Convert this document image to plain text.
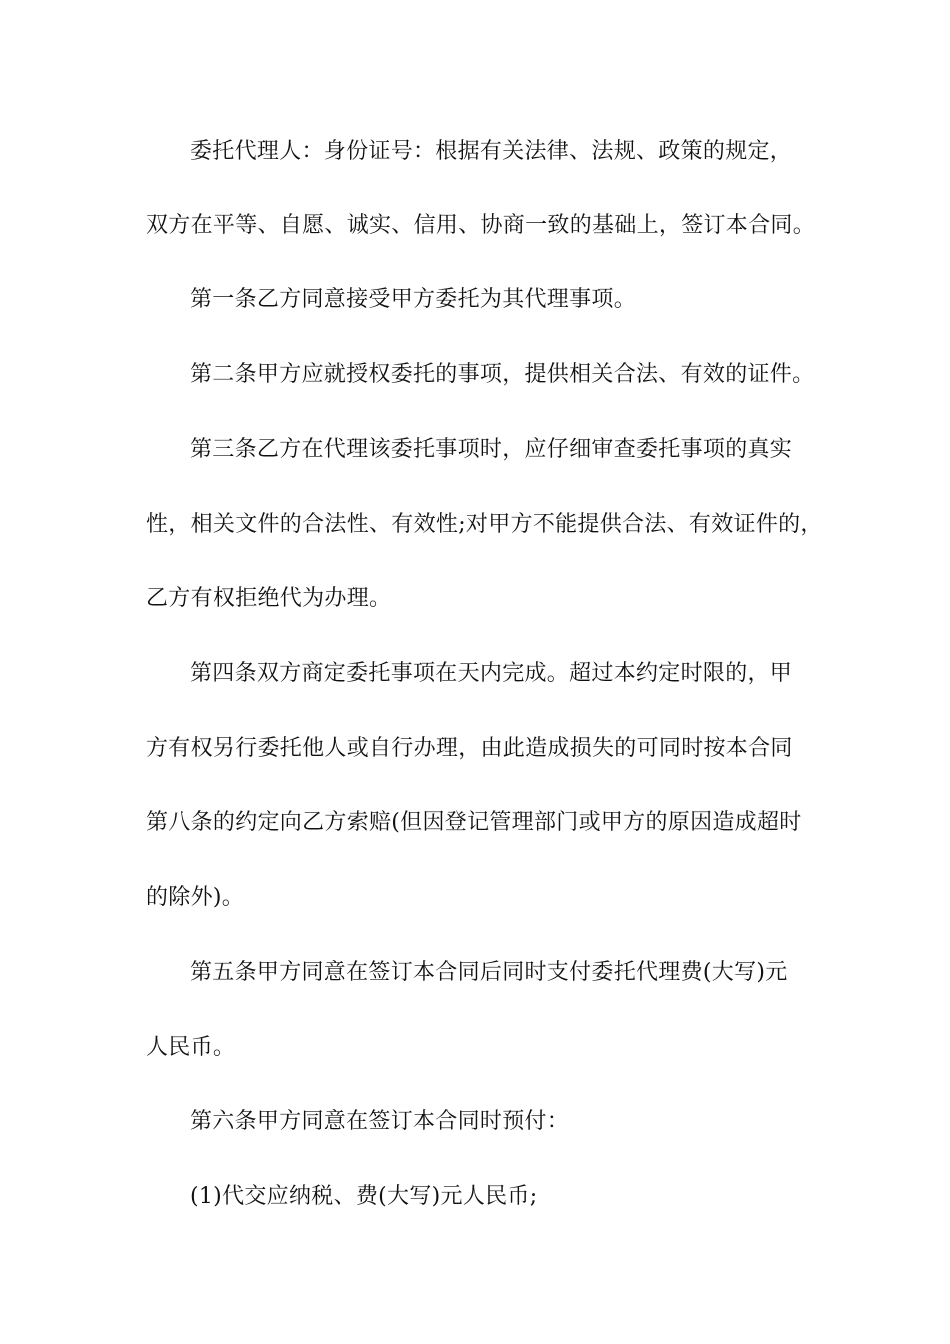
委托代理人：身份证号：根据有关法律、法规、政策的规定，
双方在平等、自愿、诚实、信用、协商一致的基础上，签订本合同。
第一条乙方同意接受甲方委托为其代理事项。
第二条甲方应就授权委托的事项，提供相关合法、有效的证件。
第三条乙方在代理该委托事项时，应仔细审查委托事项的真实
性，相关文件的合法性、有效性;对甲方不能提供合法、有效证件的，
乙方有权拒绝代为办理。
第四条双方商定委托事项在天内完成。超过本约定时限的，甲
方有权另行委托他人或自行办理，由此造成损失的可同时按本合同
第八条的约定向乙方索赔(但因登记管理部门或甲方的原因造成超时
的除外)。
第五条甲方同意在签订本合同后同时支付委托代理费(大写)元
人民币。
第六条甲方同意在签订本合同时预付：
(1)代交应纳税、费(大写)元人民币;
